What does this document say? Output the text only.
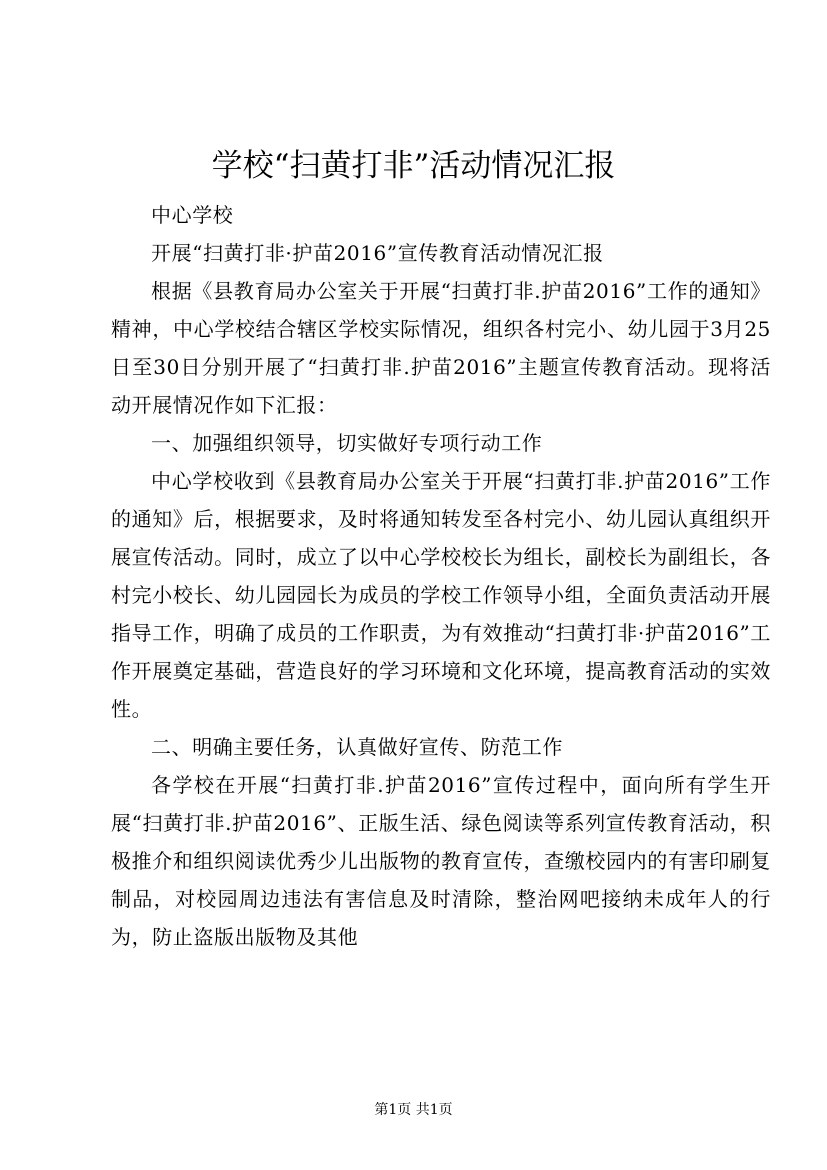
学校“扫黄打非”活动情况汇报

中心学校

开展“扫黄打非·护苗2016”宣传教育活动情况汇报

根据《县教育局办公室关于开展“扫黄打非.护苗2016”工作的通知》精神，中心学校结合辖区学校实际情况，组织各村完小、幼儿园于3月25日至30日分别开展了“扫黄打非.护苗2016”主题宣传教育活动。现将活动开展情况作如下汇报：

一、加强组织领导，切实做好专项行动工作

中心学校收到《县教育局办公室关于开展“扫黄打非.护苗2016”工作的通知》后，根据要求，及时将通知转发至各村完小、幼儿园认真组织开展宣传活动。同时，成立了以中心学校校长为组长，副校长为副组长，各村完小校长、幼儿园园长为成员的学校工作领导小组，全面负责活动开展指导工作，明确了成员的工作职责，为有效推动“扫黄打非·护苗2016”工作开展奠定基础，营造良好的学习环境和文化环境，提高教育活动的实效性。

二、明确主要任务，认真做好宣传、防范工作

各学校在开展“扫黄打非.护苗2016”宣传过程中，面向所有学生开展“扫黄打非.护苗2016”、正版生活、绿色阅读等系列宣传教育活动，积极推介和组织阅读优秀少儿出版物的教育宣传，查缴校园内的有害印刷复制品，对校园周边违法有害信息及时清除，整治网吧接纳未成年人的行为，防止盗版出版物及其他

第1页 共1页
